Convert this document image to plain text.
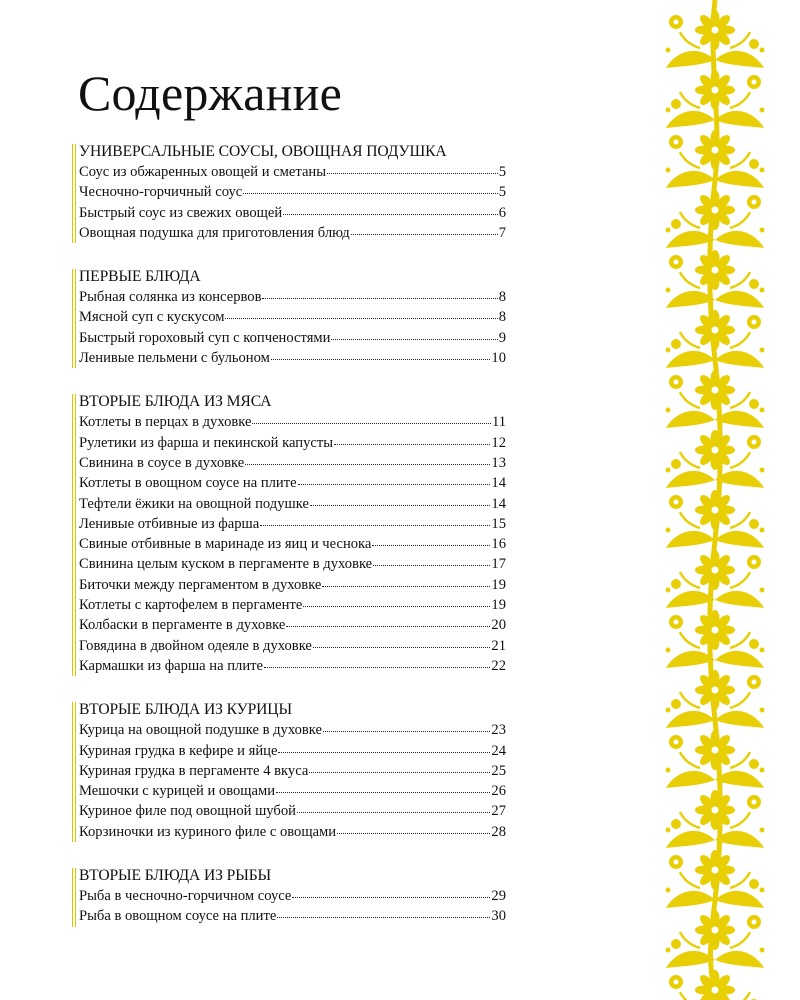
Содержание
УНИВЕРСАЛЬНЫЕ СОУСЫ, ОВОЩНАЯ ПОДУШКА
Соус из обжаренных овощей и сметаны	5
Чесночно-горчичный соус	5
Быстрый соус из свежих овощей	6
Овощная подушка для приготовления блюд	7
ПЕРВЫЕ БЛЮДА
Рыбная солянка из консервов	8
Мясной суп с кускусом	8
Быстрый гороховый суп с копченостями	9
Ленивые пельмени с бульоном	10
ВТОРЫЕ БЛЮДА ИЗ МЯСА
Котлеты в перцах в духовке	11
Рулетики из фарша и пекинской капусты	12
Свинина в соусе в духовке	13
Котлеты в овощном соусе на плите	14
Тефтели ёжики на овощной подушке	14
Ленивые отбивные из фарша	15
Свиные отбивные в маринаде из яиц и чеснока	16
Свинина целым куском в пергаменте в духовке	17
Биточки между пергаментом в духовке	19
Котлеты с картофелем в пергаменте	19
Колбаски в пергаменте в духовке	20
Говядина в двойном одеяле в духовке	21
Кармашки из фарша на плите	22
ВТОРЫЕ БЛЮДА ИЗ КУРИЦЫ
Курица на овощной подушке в духовке	23
Куриная грудка в кефире и яйце	24
Куриная грудка в пергаменте 4 вкуса	25
Мешочки с курицей и овощами	26
Куриное филе под овощной шубой	27
Корзиночки из куриного филе с овощами	28
ВТОРЫЕ БЛЮДА ИЗ РЫБЫ
Рыба в чесночно-горчичном соусе	29
Рыба в овощном соусе на плите	30
